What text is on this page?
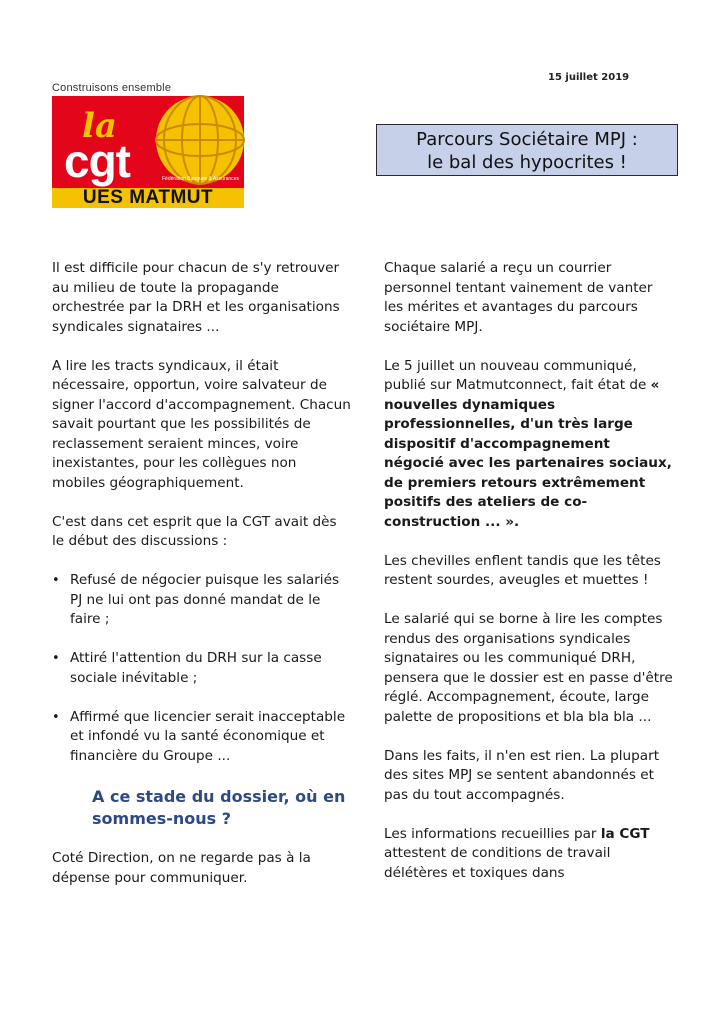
15 juillet 2019
Construisons ensemble
la
cgt	Fédération Banques & Assurances
UES MATMUT
Parcours Sociétaire MPJ :
le bal des hypocrites !

Il est difficile pour chacun de s'y retrouver au milieu de toute la propagande orchestrée par la DRH et les organisations syndicales signataires ...

A lire les tracts syndicaux, il était nécessaire, opportun, voire salvateur de signer l'accord d'accompagnement. Chacun savait pourtant que les possibilités de reclassement seraient minces, voire inexistantes, pour les collègues non mobiles géographiquement.

C'est dans cet esprit que la CGT avait dès le début des discussions :

• Refusé de négocier puisque les salariés PJ ne lui ont pas donné mandat de le faire ;
• Attiré l'attention du DRH sur la casse sociale inévitable ;
• Affirmé que licencier serait inacceptable et infondé vu la santé économique et financière du Groupe ...
A ce stade du dossier, où en sommes-nous ?

Coté Direction, on ne regarde pas à la dépense pour communiquer.

Chaque salarié a reçu un courrier personnel tentant vainement de vanter les mérites et avantages du parcours sociétaire MPJ.

Le 5 juillet un nouveau communiqué, publié sur Matmutconnect, fait état de « nouvelles dynamiques professionnelles, d'un très large dispositif d'accompagnement négocié avec les partenaires sociaux, de premiers retours extrêmement positifs des ateliers de co-construction ... ».

Les chevilles enflent tandis que les têtes restent sourdes, aveugles et muettes !

Le salarié qui se borne à lire les comptes rendus des organisations syndicales signataires ou les communiqué DRH, pensera que le dossier est en passe d'être réglé. Accompagnement, écoute, large palette de propositions et bla bla bla ...

Dans les faits, il n'en est rien. La plupart des sites MPJ se sentent abandonnés et pas du tout accompagnés.

Les informations recueillies par la CGT attestent de conditions de travail délétères et toxiques dans
